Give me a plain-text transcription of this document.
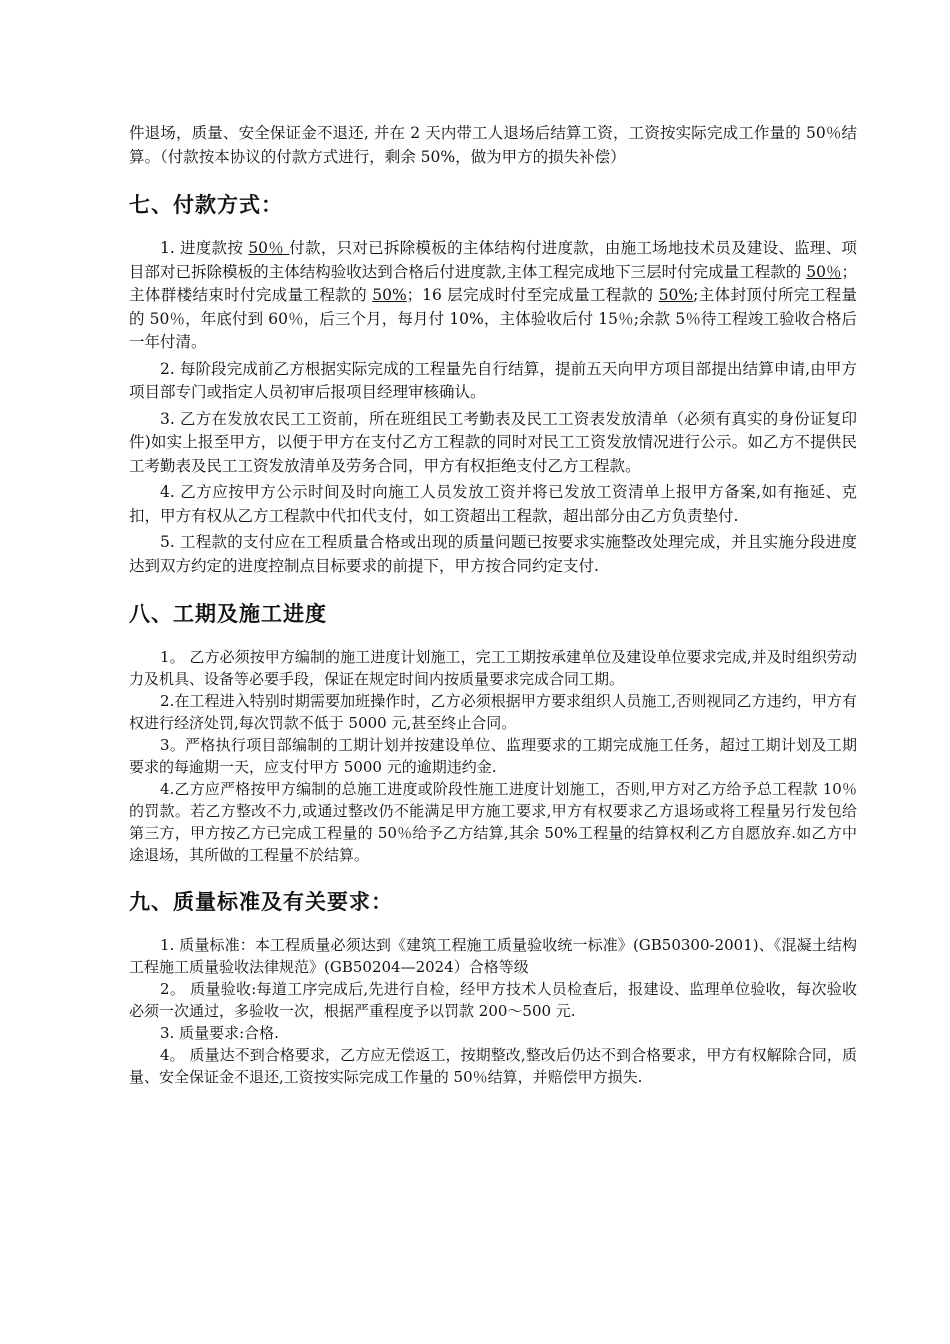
件退场，质量、安全保证金不退还, 并在 2 天内带工人退场后结算工资，工资按实际完成工作量的 50％结算。（付款按本协议的付款方式进行，剩余 50%，做为甲方的损失补偿）

七、付款方式：

1. 进度款按 50％ 付款，只对已拆除模板的主体结构付进度款，由施工场地技术员及建设、监理、项目部对已拆除模板的主体结构验收达到合格后付进度款,主体工程完成地下三层时付完成量工程款的 50％；主体群楼结束时付完成量工程款的 50%；16 层完成时付至完成量工程款的 50%;主体封顶付所完工程量的 50％，年底付到 60％，后三个月，每月付 10%，主体验收后付 15％;余款 5％待工程竣工验收合格后一年付清。

2. 每阶段完成前乙方根据实际完成的工程量先自行结算，提前五天向甲方项目部提出结算申请,由甲方项目部专门或指定人员初审后报项目经理审核确认。

3. 乙方在发放农民工工资前，所在班组民工考勤表及民工工资表发放清单（必须有真实的身份证复印件)如实上报至甲方，以便于甲方在支付乙方工程款的同时对民工工资发放情况进行公示。如乙方不提供民工考勤表及民工工资发放清单及劳务合同，甲方有权拒绝支付乙方工程款。

4. 乙方应按甲方公示时间及时向施工人员发放工资并将已发放工资清单上报甲方备案,如有拖延、克扣，甲方有权从乙方工程款中代扣代支付，如工资超出工程款，超出部分由乙方负责垫付.

5. 工程款的支付应在工程质量合格或出现的质量问题已按要求实施整改处理完成，并且实施分段进度达到双方约定的进度控制点目标要求的前提下，甲方按合同约定支付.

八、工期及施工进度

1。 乙方必须按甲方编制的施工进度计划施工，完工工期按承建单位及建设单位要求完成,并及时组织劳动力及机具、设备等必要手段，保证在规定时间内按质量要求完成合同工期。

2.在工程进入特别时期需要加班操作时，乙方必须根据甲方要求组织人员施工,否则视同乙方违约，甲方有权进行经济处罚,每次罚款不低于 5000 元,甚至终止合同。

3。严格执行项目部编制的工期计划并按建设单位、监理要求的工期完成施工任务，超过工期计划及工期要求的每逾期一天，应支付甲方 5000 元的逾期违约金.

4.乙方应严格按甲方编制的总施工进度或阶段性施工进度计划施工，否则,甲方对乙方给予总工程款 10％的罚款。若乙方整改不力,或通过整改仍不能满足甲方施工要求,甲方有权要求乙方退场或将工程量另行发包给第三方，甲方按乙方已完成工程量的 50％给予乙方结算,其余 50%工程量的结算权利乙方自愿放弃.如乙方中途退场，其所做的工程量不於结算。

九、质量标准及有关要求：

1. 质量标准：本工程质量必须达到《建筑工程施工质量验收统一标准》(GB50300-2001)、《混凝土结构工程施工质量验收法律规范》(GB50204—2024）合格等级

2。 质量验收:每道工序完成后,先进行自检，经甲方技术人员检查后，报建设、监理单位验收，每次验收必须一次通过，多验收一次，根据严重程度予以罚款 200～500 元.

3. 质量要求:合格.

4。 质量达不到合格要求，乙方应无偿返工，按期整改,整改后仍达不到合格要求，甲方有权解除合同，质量、安全保证金不退还,工资按实际完成工作量的 50％结算，并赔偿甲方损失.
